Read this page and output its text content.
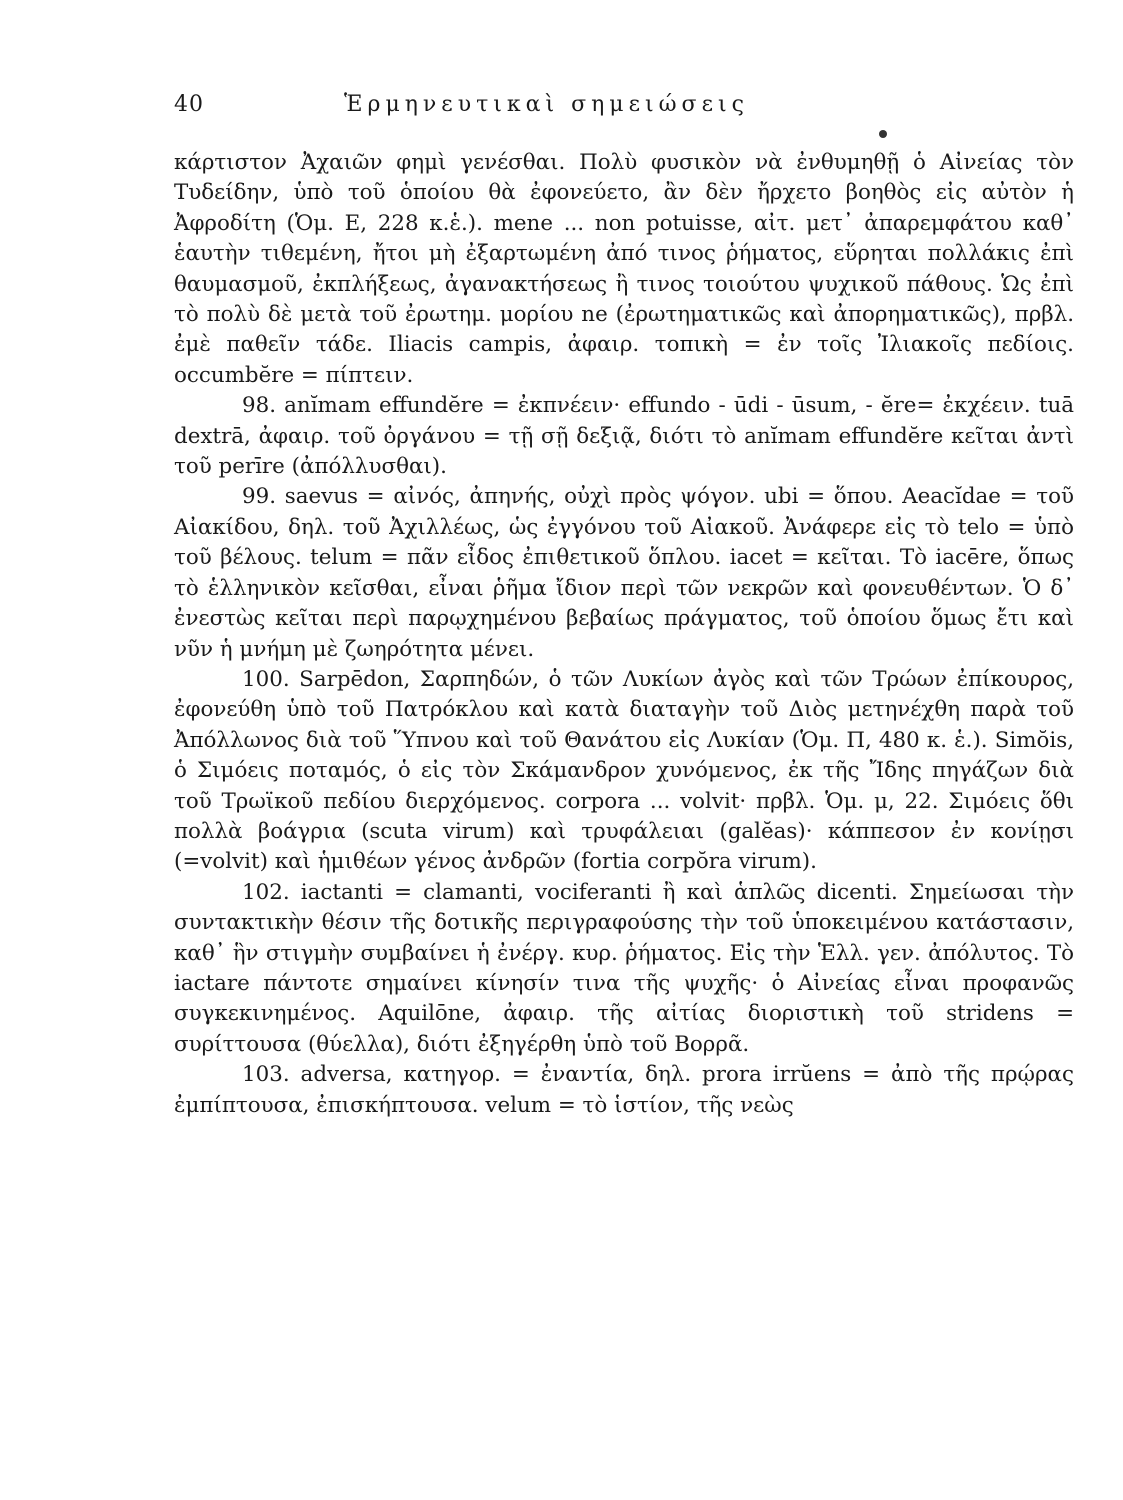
40	Ἑρμηνευτικαὶ σημειώσεις

κάρτιστον Ἀχαιῶν φημὶ γενέσθαι. Πολὺ φυσικὸν νὰ ἐνθυμηθῇ ὁ Αἰνείας τὸν Τυδείδην, ὑπὸ τοῦ ὁποίου θὰ ἐφονεύετο, ἂν δὲν ἤρχετο βοηθὸς εἰς αὐτὸν ἡ Ἀφροδίτη (Ὁμ. Ε, 228 κ.ἑ.). mene ... non potuisse, αἰτ. μετ᾽ ἀπαρεμφάτου καθ᾽ ἑαυτὴν τιθεμένη, ἤτοι μὴ ἐξαρτωμένη ἀπό τινος ῥήματος, εὕρηται πολλάκις ἐπὶ θαυμασμοῦ, ἐκπλήξεως, ἀγανακτήσεως ἢ τινος τοιούτου ψυχικοῦ πάθους. Ὡς ἐπὶ τὸ πολὺ δὲ μετὰ τοῦ ἐρωτημ. μορίου ne (ἐρωτηματικῶς καὶ ἀπορηματικῶς), πρβλ. ἐμὲ παθεῖν τάδε. Iliacis campis, ἀφαιρ. τοπικὴ = ἐν τοῖς Ἰλιακοῖς πεδίοις. occumbĕre = πίπτειν.

98. anĭmam effundĕre = ἐκπνέειν· effundo - ūdi - ūsum, - ĕre= ἐκχέειν. tuā dextrā, ἀφαιρ. τοῦ ὀργάνου = τῇ σῇ δεξιᾷ, διότι τὸ anĭmam effundĕre κεῖται ἀντὶ τοῦ perīre (ἀπόλλυσθαι).

99. saevus = αἰνός, ἀπηνής, οὐχὶ πρὸς ψόγον. ubi = ὅπου. Aeacĭdae = τοῦ Αἰακίδου, δηλ. τοῦ Ἀχιλλέως, ὡς ἐγγόνου τοῦ Αἰακοῦ. Ἀνάφερε εἰς τὸ telo = ὑπὸ τοῦ βέλους. telum = πᾶν εἶδος ἐπιθετικοῦ ὅπλου. iacet = κεῖται. Τὸ iacēre, ὅπως τὸ ἑλληνικὸν κεῖσθαι, εἶναι ῥῆμα ἴδιον περὶ τῶν νεκρῶν καὶ φονευθέντων. Ὁ δ᾽ ἐνεστὼς κεῖται περὶ παρῳχημένου βεβαίως πράγματος, τοῦ ὁποίου ὅμως ἔτι καὶ νῦν ἡ μνήμη μὲ ζωηρότητα μένει.

100. Sarpēdon, Σαρπηδών, ὁ τῶν Λυκίων ἀγὸς καὶ τῶν Τρώων ἐπίκουρος, ἐφονεύθη ὑπὸ τοῦ Πατρόκλου καὶ κατὰ διαταγὴν τοῦ Διὸς μετηνέχθη παρὰ τοῦ Ἀπόλλωνος διὰ τοῦ Ὕπνου καὶ τοῦ Θανάτου εἰς Λυκίαν (Ὁμ. Π, 480 κ. ἑ.). Simŏis, ὁ Σιμόεις ποταμός, ὁ εἰς τὸν Σκάμανδρον χυνόμενος, ἐκ τῆς Ἴδης πηγάζων διὰ τοῦ Τρωϊκοῦ πεδίου διερχόμενος. corpora ... volvit· πρβλ. Ὁμ. μ, 22. Σιμόεις ὅθι πολλὰ βοάγρια (scuta virum) καὶ τρυφάλειαι (galĕas)· κάππεσον ἐν κονίῃσι (=volvit) καὶ ἡμιθέων γένος ἀνδρῶν (fortia corpŏra virum).

102. iactanti = clamanti, vociferanti ἢ καὶ ἁπλῶς dicenti. Σημείωσαι τὴν συντακτικὴν θέσιν τῆς δοτικῆς περιγραφούσης τὴν τοῦ ὑποκειμένου κατάστασιν, καθ᾽ ἣν στιγμὴν συμβαίνει ἡ ἐνέργ. κυρ. ῥήματος. Εἰς τὴν Ἑλλ. γεν. ἀπόλυτος. Τὸ iactare πάντοτε σημαίνει κίνησίν τινα τῆς ψυχῆς· ὁ Αἰνείας εἶναι προφανῶς συγκεκινημένος. Aquilōne, ἀφαιρ. τῆς αἰτίας διοριστικὴ τοῦ stridens = συρίττουσα (θύελλα), διότι ἐξηγέρθη ὑπὸ τοῦ Βορρᾶ.

103. adversa, κατηγορ. = ἐναντία, δηλ. prora irrŭens = ἀπὸ τῆς πρῴρας ἐμπίπτουσα, ἐπισκήπτουσα. velum = τὸ ἱστίον, τῆς νεὼς
